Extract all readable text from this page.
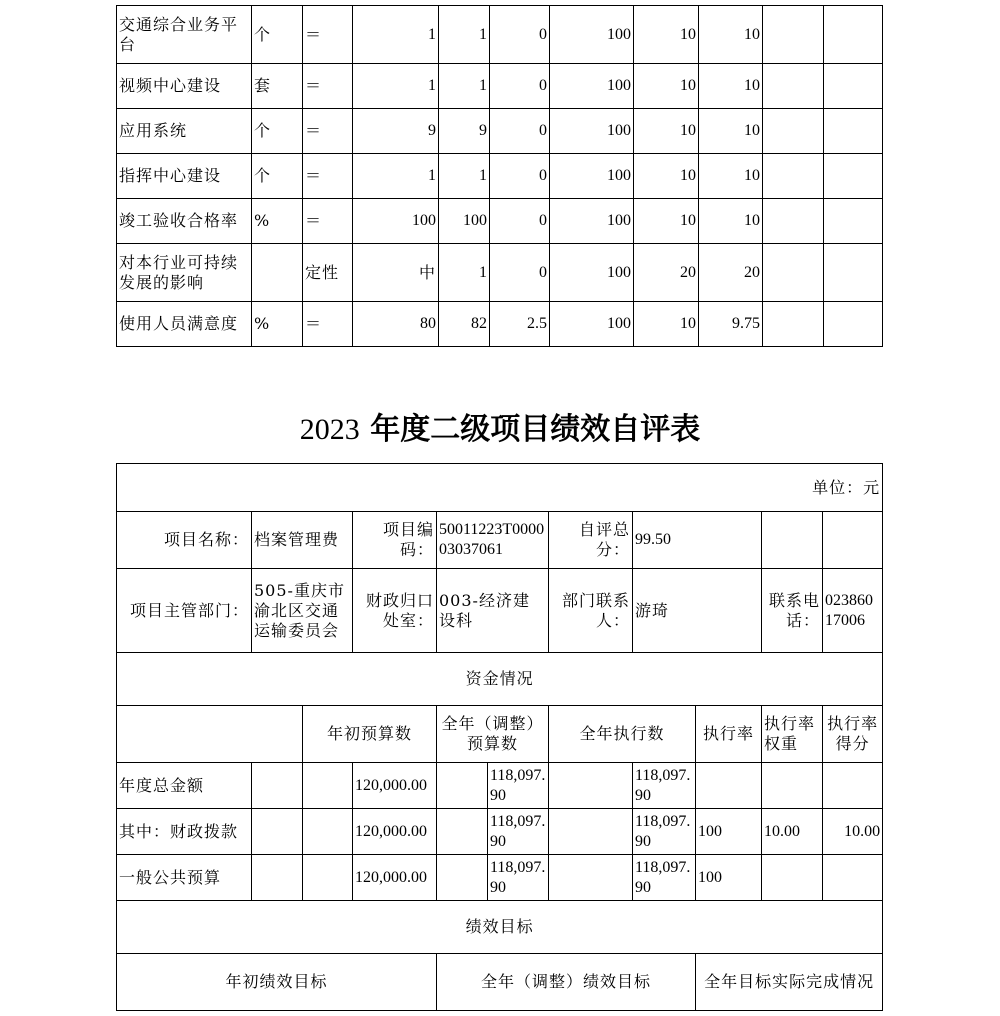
交通综合业务平台	个	＝	1	1	0	100	10	10		
视频中心建设	套	＝	1	1	0	100	10	10		
应用系统	个	＝	9	9	0	100	10	10		
指挥中心建设	个	＝	1	1	0	100	10	10		
竣工验收合格率	%	＝	100	100	0	100	10	10		
对本行业可持续发展的影响		定性	中	1	0	100	20	20		
使用人员满意度	%	＝	80	82	2.5	100	10	9.75		
2023 年度二级项目绩效自评表
单位：元										
项目名称：	档案管理费		项目编码：	50011223T000003037061		自评总分：	99.50			
项目主管部门：	505-重庆市渝北区交通运输委员会		财政归口处室：	003-经济建设科		部门联系人：	游琦		联系电话：	02386017006
资金情况										
		年初预算数		全年（调整）预算数		全年执行数		执行率	执行率权重	执行率得分
年度总金额			120,000.00		118,097.90		118,097.90			
其中：财政拨款			120,000.00		118,097.90		118,097.90	100	10.00	10.00
一般公共预算			120,000.00		118,097.90		118,097.90	100		
绩效目标										
年初绩效目标				全年（调整）绩效目标				全年目标实际完成情况		
